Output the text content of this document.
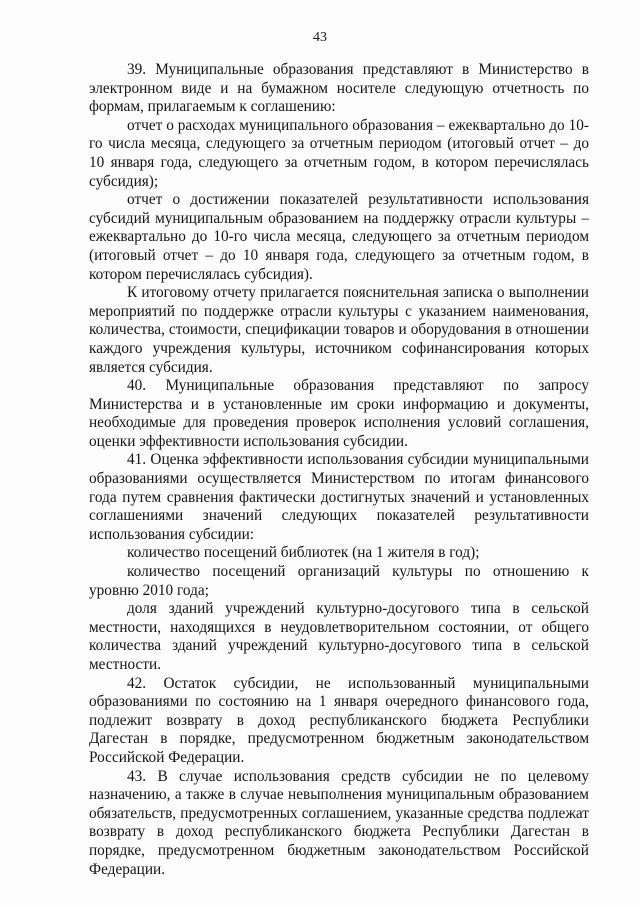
43

39. Муниципальные образования представляют в Министерство в электронном виде и на бумажном носителе следующую отчетность по формам, прилагаемым к соглашению:

отчет о расходах муниципального образования – ежеквартально до 10-го числа месяца, следующего за отчетным периодом (итоговый отчет – до 10 января года, следующего за отчетным годом, в котором перечислялась субсидия);

отчет о достижении показателей результативности использования субсидий муниципальным образованием на поддержку отрасли культуры – ежеквартально до 10-го числа месяца, следующего за отчетным периодом (итоговый отчет – до 10 января года, следующего за отчетным годом, в котором перечислялась субсидия).

К итоговому отчету прилагается пояснительная записка о выполнении мероприятий по поддержке отрасли культуры с указанием наименования, количества, стоимости, спецификации товаров и оборудования в отношении каждого учреждения культуры, источником софинансирования которых является субсидия.

40. Муниципальные образования представляют по запросу Министерства и в установленные им сроки информацию и документы, необходимые для проведения проверок исполнения условий соглашения, оценки эффективности использования субсидии.

41. Оценка эффективности использования субсидии муниципальными образованиями осуществляется Министерством по итогам финансового года путем сравнения фактически достигнутых значений и установленных соглашениями значений следующих показателей результативности использования субсидии:

количество посещений библиотек (на 1 жителя в год);

количество посещений организаций культуры по отношению к уровню 2010 года;

доля зданий учреждений культурно-досугового типа в сельской местности, находящихся в неудовлетворительном состоянии, от общего количества зданий учреждений культурно-досугового типа в сельской местности.

42. Остаток субсидии, не использованный муниципальными образованиями по состоянию на 1 января очередного финансового года, подлежит возврату в доход республиканского бюджета Республики Дагестан в порядке, предусмотренном бюджетным законодательством Российской Федерации.

43. В случае использования средств субсидии не по целевому назначению, а также в случае невыполнения муниципальным образованием обязательств, предусмотренных соглашением, указанные средства подлежат возврату в доход республиканского бюджета Республики Дагестан в порядке, предусмотренном бюджетным законодательством Российской Федерации.
